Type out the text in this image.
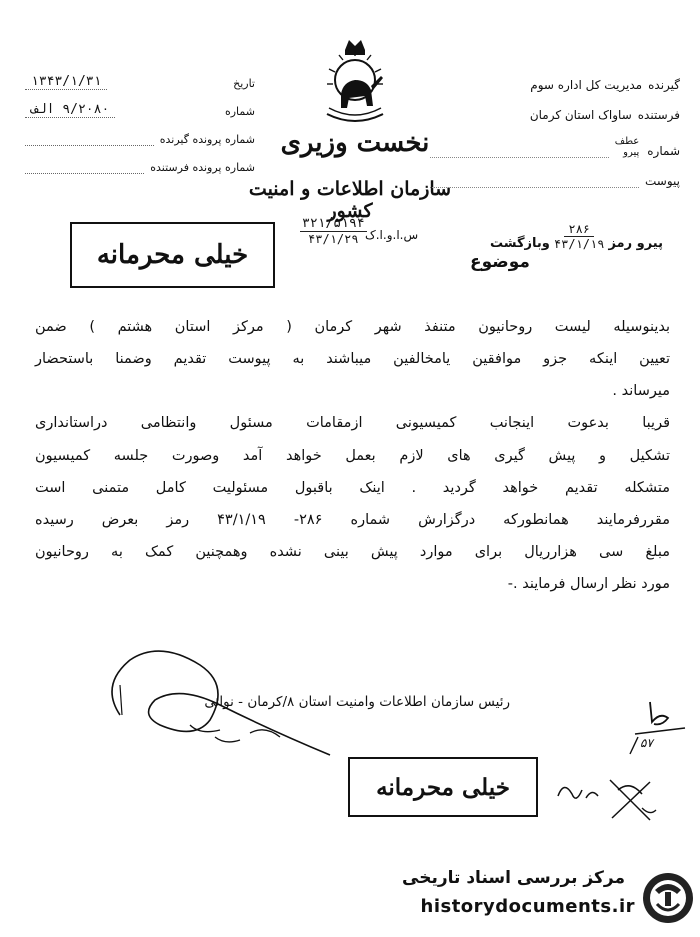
تاریخ
۱۳۴۳/۱/۳۱
شماره
۹/۲۰۸۰ الف
شماره پرونده گیرنده
شماره پرونده فرستنده
نخست وزیری
سازمان اطلاعات و امنیت کشور
گیرنده
مدیریت کل اداره سوم
فرستنده
ساواک استان کرمان
شماره
عطف
پیرو
پیوست
خیلی محرمانه
۳۲۱/۵۱۹۴
۴۳/۱/۲۹ س.ا.و.ا.ک
پیرو رمز
۲۸۶
۴۳/۱/۱۹
وبازگشت
موضوع

بدینوسیله لیست روحانیون متنفذ شهر کرمان ( مرکز استان هشتم ) ضمن

تعیین اینکه جزو موافقین یامخالفین میباشند به پیوست تقدیم وضمنا باستحضار

میرساند .

قریبا بدعوت اینجانب کمیسیونی ازمقامات مسئول وانتظامی دراستانداری

تشکیل و پیش گیری های لازم بعمل خواهد آمد وصورت جلسه کمیسیون

متشکله تقدیم خواهد گردید . اینک باقبول مسئولیت کامل متمنی است

مقررفرمایند همانطورکه درگزارش شماره ۲۸۶- ۴۳/۱/۱۹ رمز بعرض رسیده

مبلغ سی هزارریال برای موارد پیش بینی نشده وهمچنین کمک به روحانیون

مورد نظر ارسال فرمایند .-

رئیس سازمان اطلاعات وامنیت استان ۸/کرمان - نوائی
۵۷
خیلی محرمانه
مرکز بررسی اسناد تاریخی
historydocuments.ir
